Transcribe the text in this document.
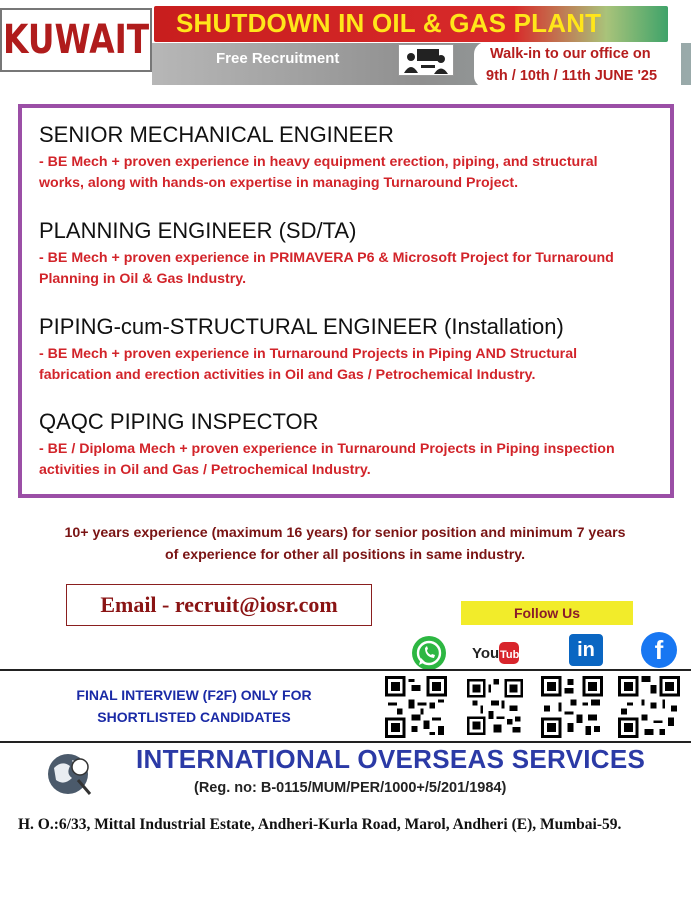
KUWAIT SHUTDOWN IN OIL & GAS PLANT
Free Recruitment	Walk-in to our office on
9th / 10th / 11th JUNE '25

SENIOR MECHANICAL ENGINEER

- BE Mech + proven experience in heavy equipment erection, piping, and structural
works, along with hands-on expertise in managing Turnaround Project.

PLANNING ENGINEER (SD/TA)

- BE Mech + proven experience in PRIMAVERA P6 & Microsoft Project for Turnaround
Planning in Oil & Gas Industry.

PIPING-cum-STRUCTURAL ENGINEER (Installation)

- BE Mech + proven experience in Turnaround Projects in Piping AND Structural
fabrication and erection activities in Oil and Gas / Petrochemical Industry.

QAQC PIPING INSPECTOR

- BE / Diploma Mech + proven experience in Turnaround Projects in Piping inspection
activities in Oil and Gas / Petrochemical Industry.

10+ years experience (maximum 16 years) for senior position and minimum 7 years
of experience for other all positions in same industry.
Email - recruit@iosr.com	Follow Us
You Tube	in f
FINAL INTERVIEW (F2F) ONLY FOR
SHORTLISTED CANDIDATES
INTERNATIONAL OVERSEAS SERVICES
(Reg. no: B-0115/MUM/PER/1000+/5/201/1984)
H. O.:6/33, Mittal Industrial Estate, Andheri-Kurla Road, Marol, Andheri (E), Mumbai-59.
